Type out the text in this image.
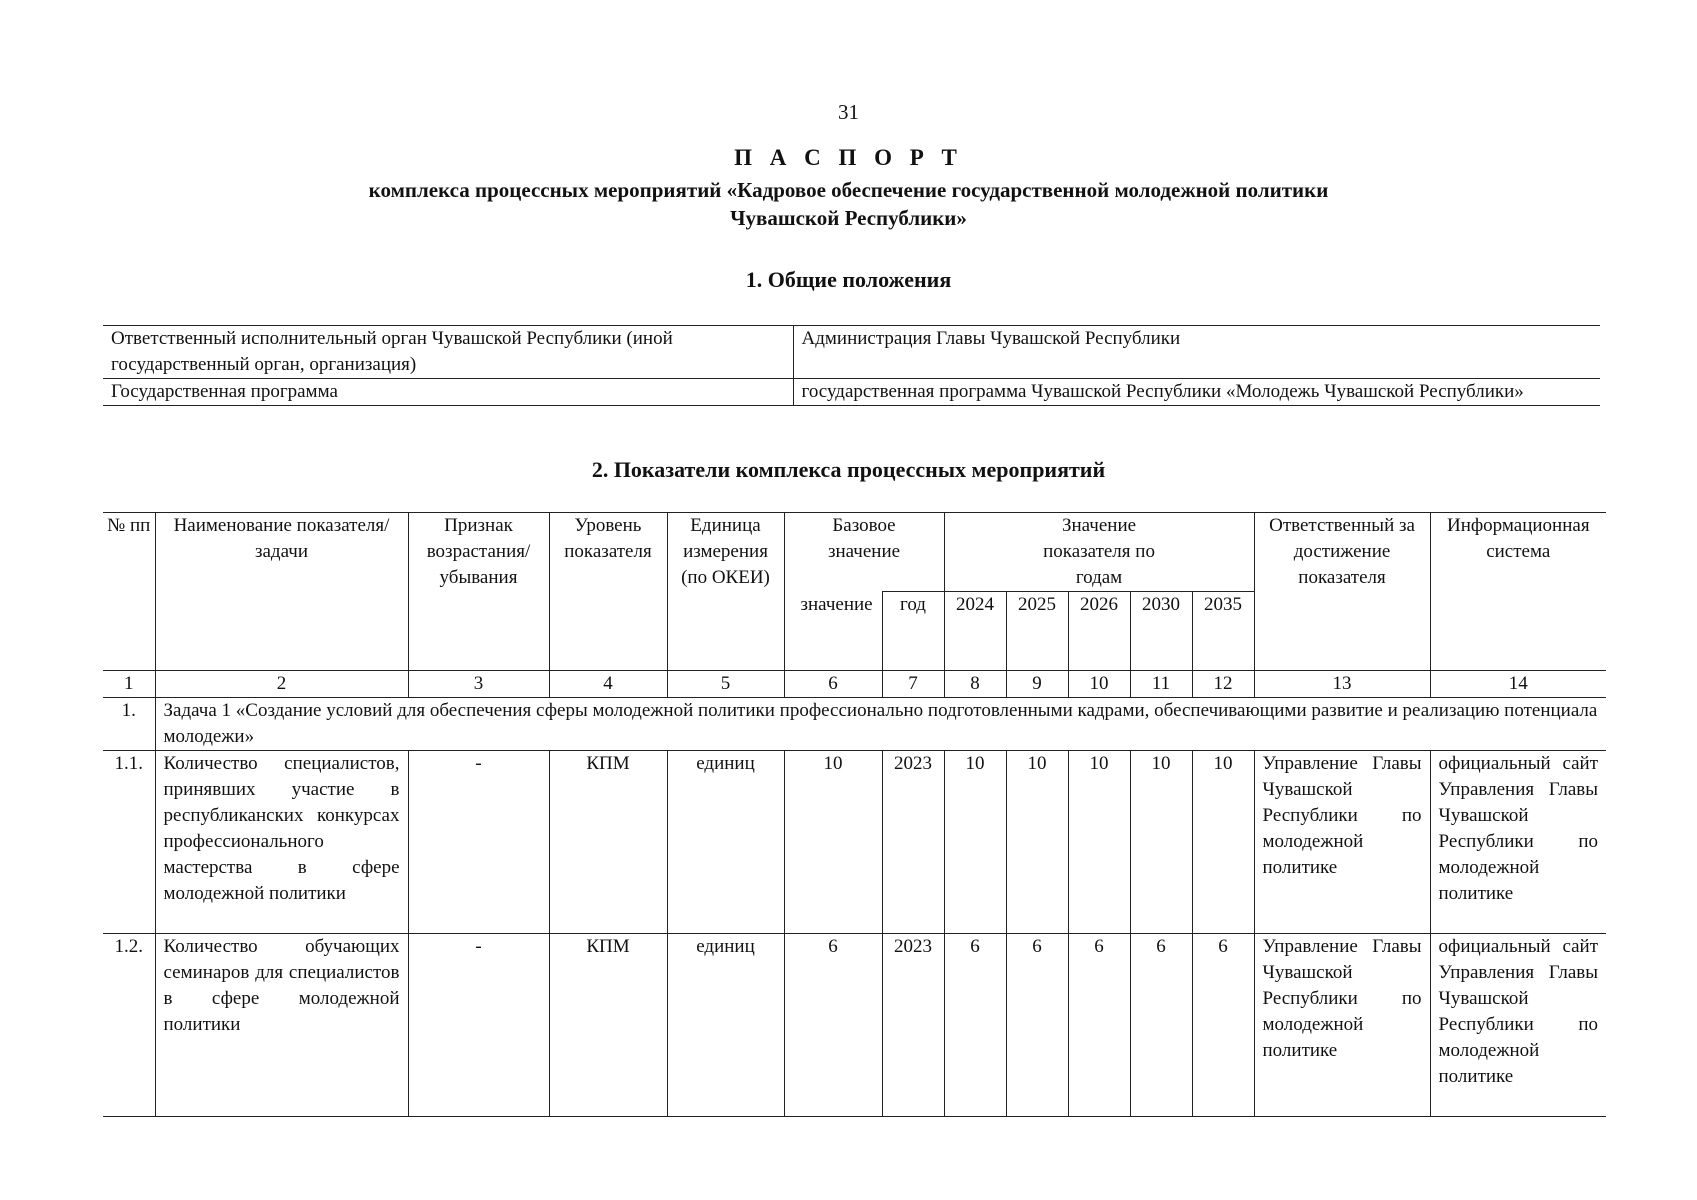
31
П А С П О Р Т
комплекса процессных мероприятий «Кадровое обеспечение государственной молодежной политики
Чувашской Республики»
1. Общие положения
Ответственный исполнительный орган Чувашской Республики (иной государственный орган, организация)	Администрация Главы Чувашской Республики
Государственная программа	государственная программа Чувашской Республики «Молодежь Чувашской Республики»
2. Показатели комплекса процессных мероприятий
№ пп	Наименование показателя/задачи	Признак возрастания/убывания	Уровень показателя	Единица измерения (по ОКЕИ)	Базовое значение		Значение показателя по годам					Ответственный за достижение показателя	Информационная система
					значение	год	2024	2025	2026	2030	2035		
1	2	3	4	5	6	7	8	9	10	11	12	13	14
1.	Задача 1 «Создание условий для обеспечения сферы молодежной политики профессионально подготовленными кадрами, обеспечивающими развитие и реализацию потенциала молодежи»												
1.1.	Количество специалистов, принявших участие в республиканских конкурсах профессионального мастерства в сфере молодежной политики	-	КПМ	единиц	10	2023	10	10	10	10	10	Управление Главы Чувашской Республики по молодежной политике	официальный сайт Управления Главы Чувашской Республики по молодежной политике
1.2.	Количество обучающих семинаров для специалистов в сфере молодежной политики	-	КПМ	единиц	6	2023	6	6	6	6	6	Управление Главы Чувашской Республики по молодежной политике	официальный сайт Управления Главы Чувашской Республики по молодежной политике
